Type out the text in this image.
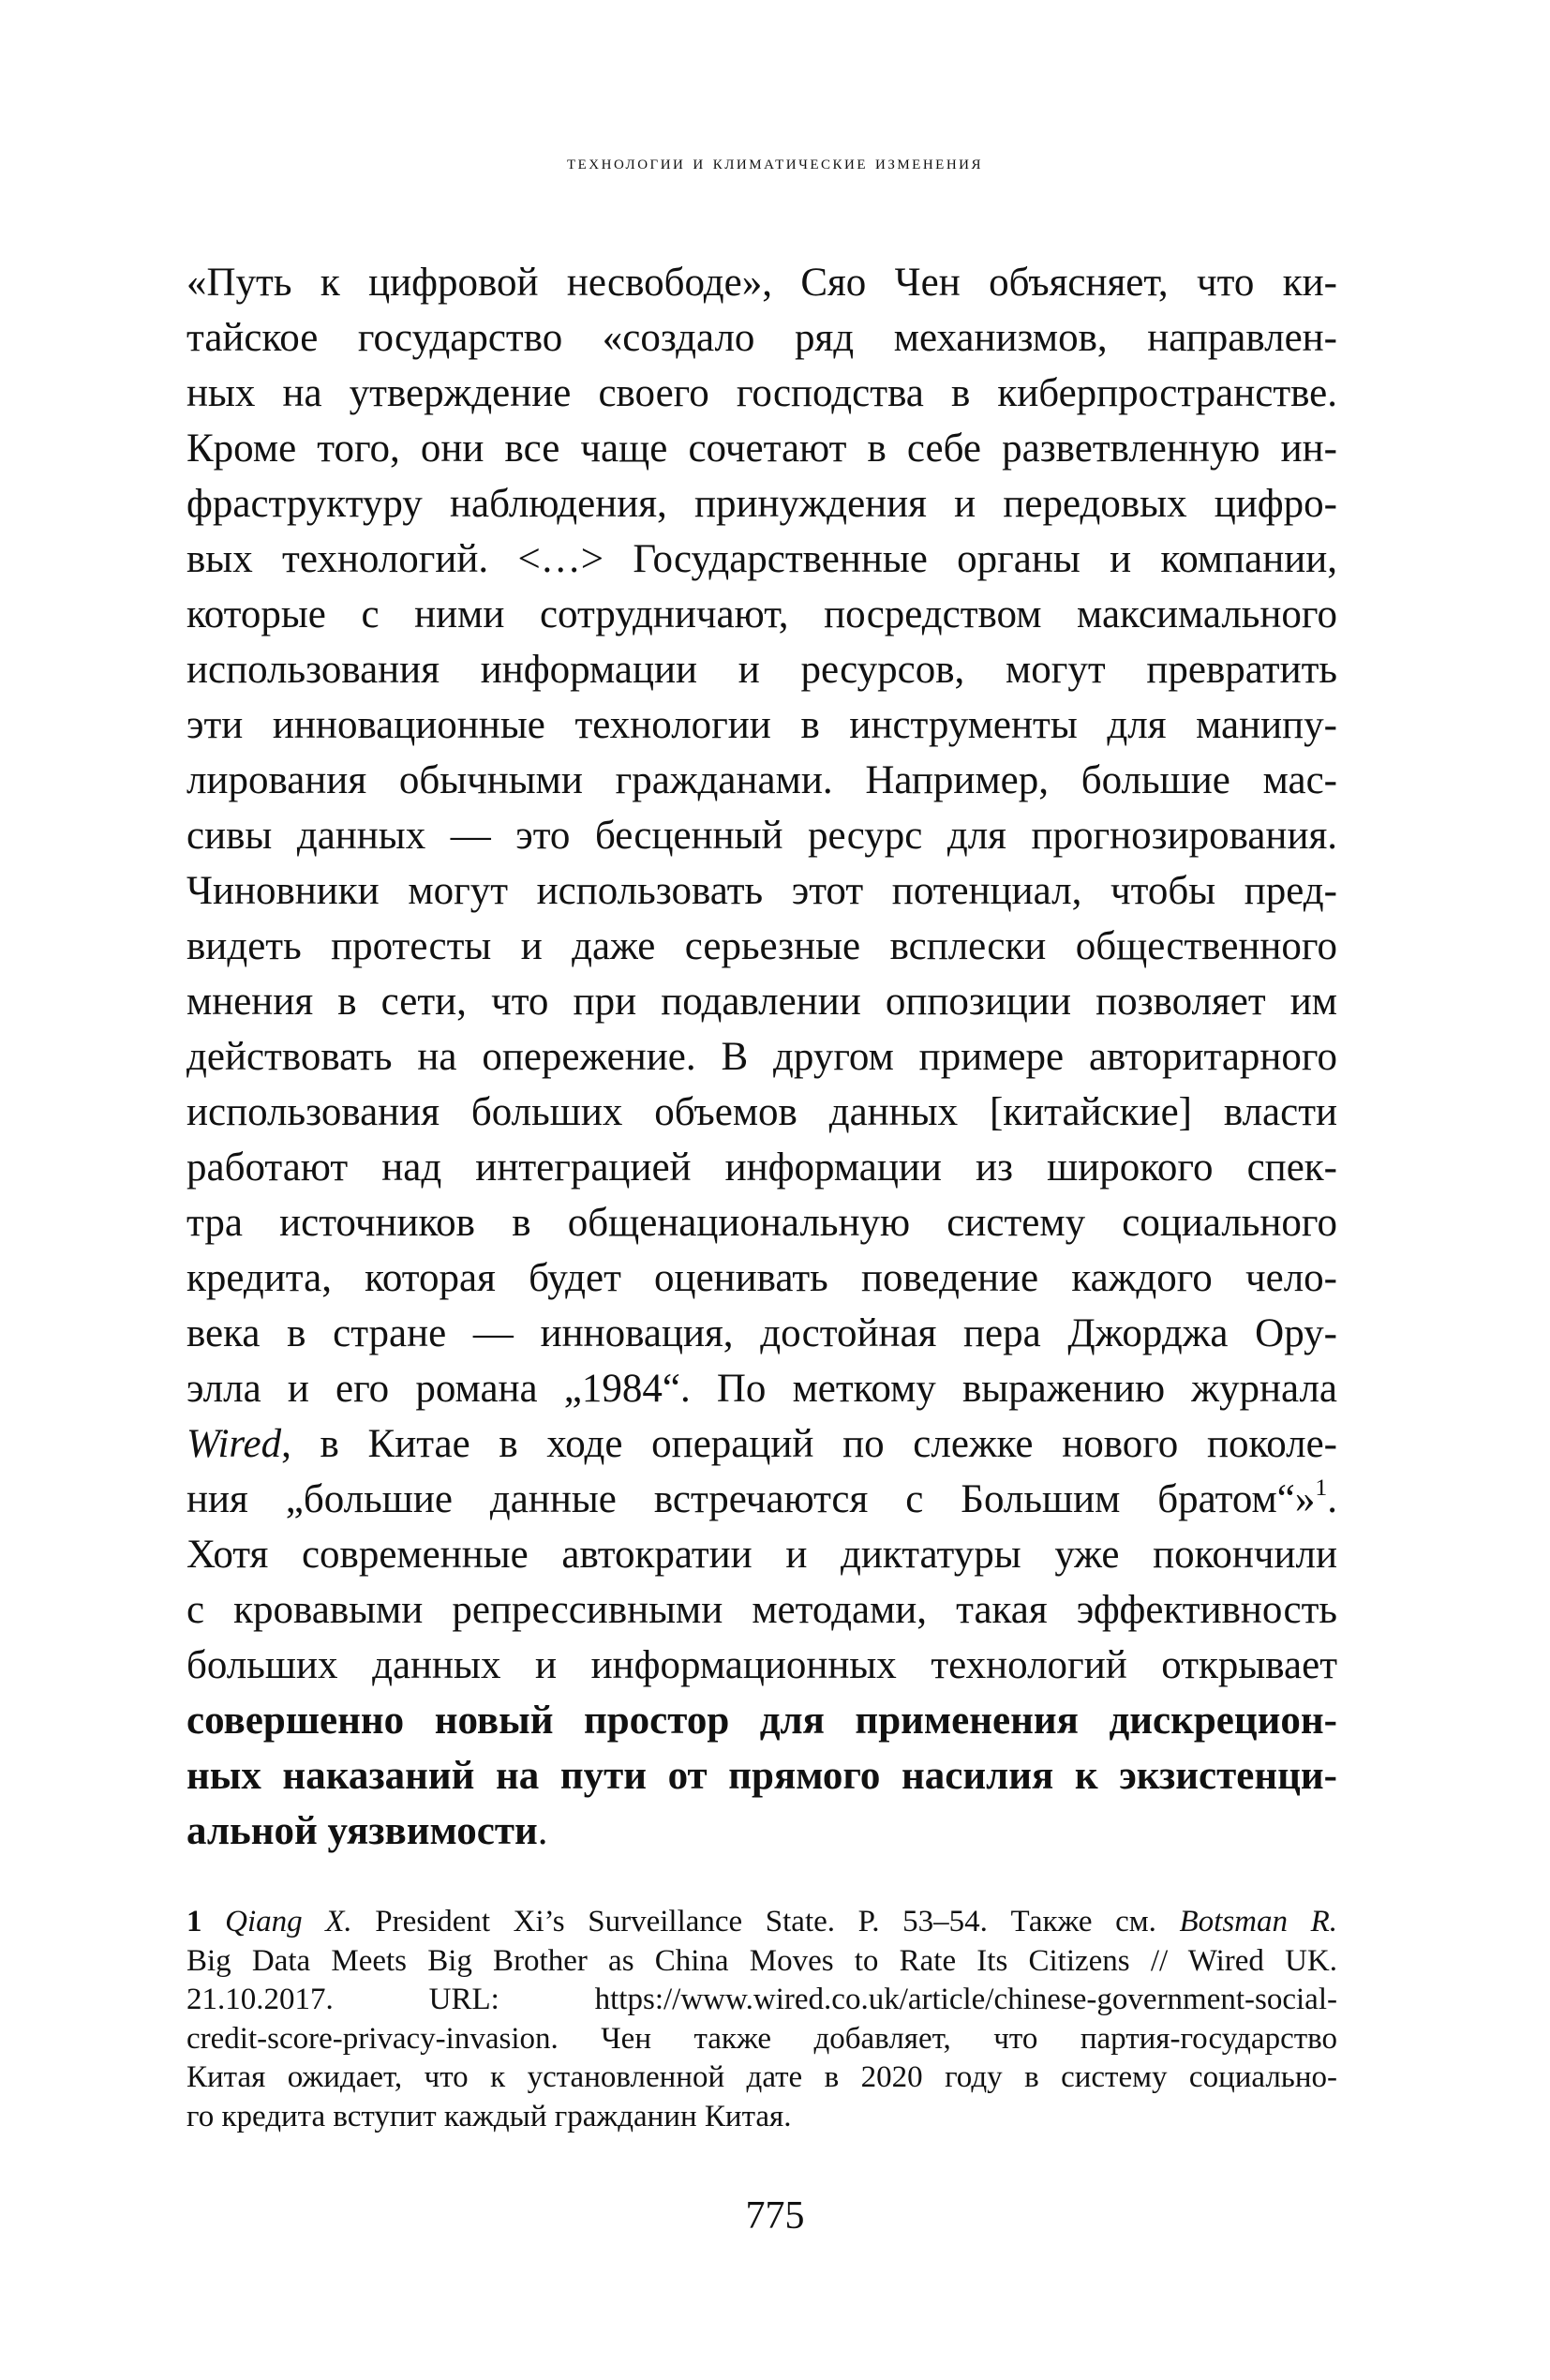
технологии и климатические изменения
«Путь к цифровой несвободе», Сяо Чен объясняет, что ки-
тайское государство «создало ряд механизмов, направлен-
ных на утверждение своего господства в киберпространстве.
Кроме того, они все чаще сочетают в себе разветвленную ин-
фраструктуру наблюдения, принуждения и передовых цифро-
вых технологий. <…> Государственные органы и компании,
которые с ними сотрудничают, посредством максимального
использования информации и ресурсов, могут превратить
эти инновационные технологии в инструменты для манипу-
лирования обычными гражданами. Например, большие мас-
сивы данных — это бесценный ресурс для прогнозирования.
Чиновники могут использовать этот потенциал, чтобы пред-
видеть протесты и даже серьезные всплески общественного
мнения в сети, что при подавлении оппозиции позволяет им
действовать на опережение. В другом примере авторитарного
использования больших объемов данных [китайские] власти
работают над интеграцией информации из широкого спек-
тра источников в общенациональную систему социального
кредита, которая будет оценивать поведение каждого чело-
века в стране — инновация, достойная пера Джорджа Ору-
элла и его романа „1984“. По меткому выражению журнала
Wired, в Китае в ходе операций по слежке нового поколе-
ния „большие данные встречаются с Большим братом“»$^1$.
Хотя современные автократии и диктатуры уже покончили
с кровавыми репрессивными методами, такая эффективность
больших данных и информационных технологий открывает
совершенно новый простор для применения дискрецион-
ных наказаний на пути от прямого насилия к экзистенци-
альной уязвимости.
1 Qiang X. President Xi’s Surveillance State. P. 53–54. Также см. Botsman R.
Big Data Meets Big Brother as China Moves to Rate Its Citizens // Wired UK.
21.10.2017. URL: https://www.wired.co.uk/article/chinese-government-social-
credit-score-privacy-invasion. Чен также добавляет, что партия-государство
Китая ожидает, что к установленной дате в 2020 году в систему социально-
го кредита вступит каждый гражданин Китая.
775
